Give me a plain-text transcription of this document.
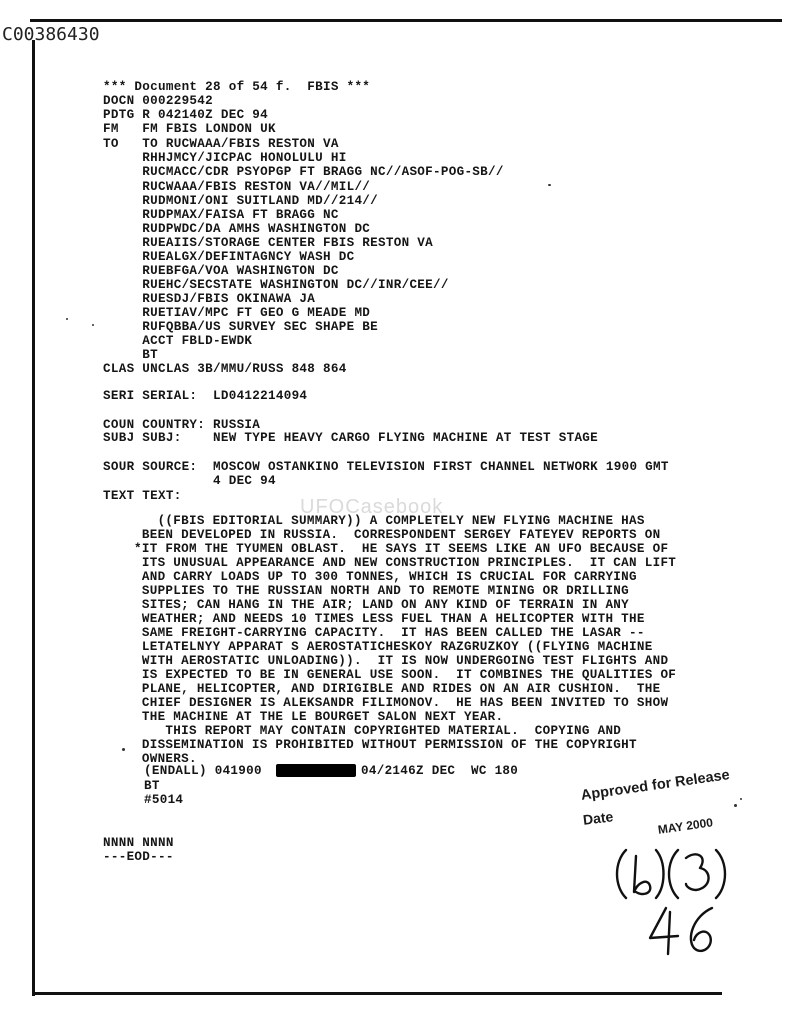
C00386430
UFOCasebook
*** Document 28 of 54 f.  FBIS ***
DOCN 000229542
PDTG R 042140Z DEC 94
FM   FM FBIS LONDON UK
TO   TO RUCWAAA/FBIS RESTON VA
RHHJMCY/JICPAC HONOLULU HI
RUCMACC/CDR PSYOPGP FT BRAGG NC//ASOF-POG-SB//
RUCWAAA/FBIS RESTON VA//MIL//
RUDMONI/ONI SUITLAND MD//214//
RUDPMAX/FAISA FT BRAGG NC
RUDPWDC/DA AMHS WASHINGTON DC
RUEAIIS/STORAGE CENTER FBIS RESTON VA
RUEALGX/DEFINTAGNCY WASH DC
RUEBFGA/VOA WASHINGTON DC
RUEHC/SECSTATE WASHINGTON DC//INR/CEE//
RUESDJ/FBIS OKINAWA JA
RUETIAV/MPC FT GEO G MEADE MD
RUFQBBA/US SURVEY SEC SHAPE BE
ACCT FBLD-EWDK
BT
CLAS UNCLAS 3B/MMU/RUSS 848 864
SERI SERIAL:  LD0412214094
COUN COUNTRY: RUSSIA
SUBJ SUBJ:    NEW TYPE HEAVY CARGO FLYING MACHINE AT TEST STAGE
SOUR SOURCE:  MOSCOW OSTANKINO TELEVISION FIRST CHANNEL NETWORK 1900 GMT
4 DEC 94
TEXT TEXT:
((FBIS EDITORIAL SUMMARY)) A COMPLETELY NEW FLYING MACHINE HAS
BEEN DEVELOPED IN RUSSIA.  CORRESPONDENT SERGEY FATEYEV REPORTS ON
*IT FROM THE TYUMEN OBLAST.  HE SAYS IT SEEMS LIKE AN UFO BECAUSE OF
ITS UNUSUAL APPEARANCE AND NEW CONSTRUCTION PRINCIPLES.  IT CAN LIFT
AND CARRY LOADS UP TO 300 TONNES, WHICH IS CRUCIAL FOR CARRYING
SUPPLIES TO THE RUSSIAN NORTH AND TO REMOTE MINING OR DRILLING
SITES; CAN HANG IN THE AIR; LAND ON ANY KIND OF TERRAIN IN ANY
WEATHER; AND NEEDS 10 TIMES LESS FUEL THAN A HELICOPTER WITH THE
SAME FREIGHT-CARRYING CAPACITY.  IT HAS BEEN CALLED THE LASAR --
LETATELNYY APPARAT S AEROSTATICHESKOY RAZGRUZKOY ((FLYING MACHINE
WITH AEROSTATIC UNLOADING)).  IT IS NOW UNDERGOING TEST FLIGHTS AND
IS EXPECTED TO BE IN GENERAL USE SOON.  IT COMBINES THE QUALITIES OF
PLANE, HELICOPTER, AND DIRIGIBLE AND RIDES ON AN AIR CUSHION.  THE
CHIEF DESIGNER IS ALEKSANDR FILIMONOV.  HE HAS BEEN INVITED TO SHOW
THE MACHINE AT THE LE BOURGET SALON NEXT YEAR.
THIS REPORT MAY CONTAIN COPYRIGHTED MATERIAL.  COPYING AND
DISSEMINATION IS PROHIBITED WITHOUT PERMISSION OF THE COPYRIGHT
OWNERS.
(ENDALL) 041900	04/2146Z DEC  WC 180
BT
#5014
NNNN NNNN
---EOD---
Approved for Release
Date	MAY 2000
